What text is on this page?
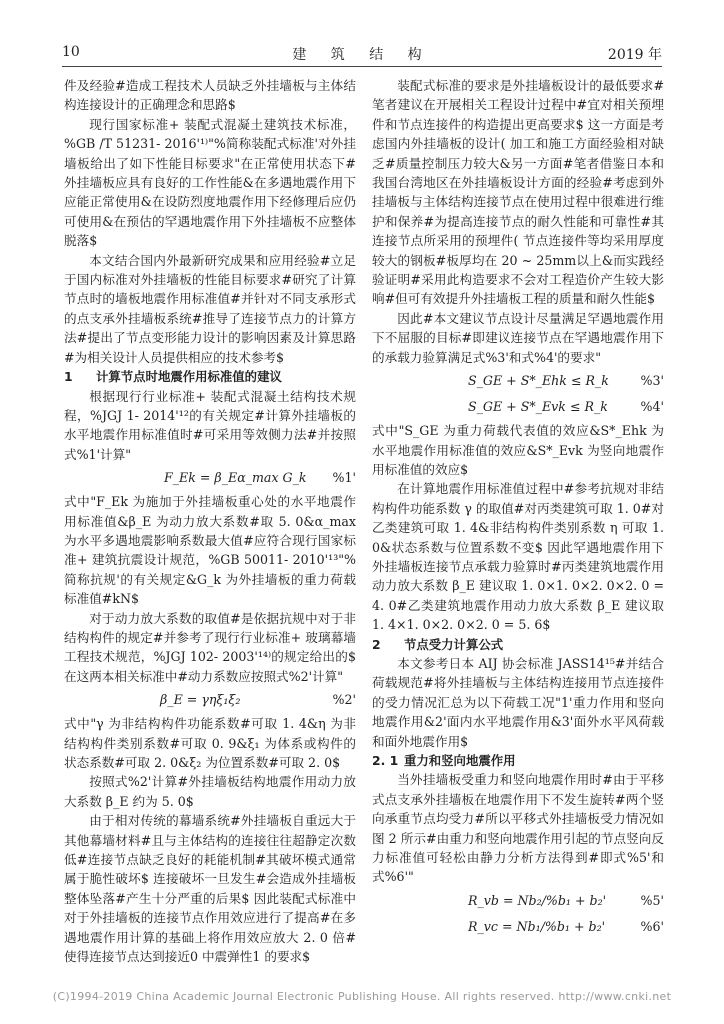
10	建 筑 结 构	2019 年

件及经验#造成工程技术人员缺乏外挂墙板与主体结构连接设计的正确理念和思路$

现行国家标准+ 装配式混凝土建筑技术标准，%GB /T 51231- 2016'¹⁾"%简称装配式标准'对外挂墙板给出了如下性能目标要求"在正常使用状态下#外挂墙板应具有良好的工作性能&在多遇地震作用下应能正常使用&在设防烈度地震作用下经修理后应仍可使用&在预估的罕遇地震作用下外挂墙板不应整体脱落$

本文结合国内外最新研究成果和应用经验#立足于国内标准对外挂墙板的性能目标要求#研究了计算节点时的墙板地震作用标准值#并针对不同支承形式的点支承外挂墙板系统#推导了连接节点力的计算方法#提出了节点变形能力设计的影响因素及计算思路#为相关设计人员提供相应的技术参考$

1 计算节点时地震作用标准值的建议

根据现行行业标准+ 装配式混凝土结构技术规程，%JGJ 1- 2014'¹²的有关规定#计算外挂墙板的水平地震作用标准值时#可采用等效侧力法#并按照式%1'计算"

F_Ek = β_Eα_max G_k %1'

式中"F_Ek 为施加于外挂墙板重心处的水平地震作用标准值&β_E 为动力放大系数#取 5. 0&α_max 为水平多遇地震影响系数最大值#应符合现行国家标准+ 建筑抗震设计规范，%GB 50011- 2010'¹³"%简称抗规'的有关规定&G_k 为外挂墙板的重力荷载标准值#kN$

对于动力放大系数的取值#是依据抗规中对于非结构构件的规定#并参考了现行行业标准+ 玻璃幕墙工程技术规范，%JGJ 102- 2003'¹⁴⁾的规定给出的$ 在这两本相关标准中#动力系数应按照式%2'计算"

β_E = γηξ₁ξ₂	%2'

式中"γ 为非结构构件功能系数#可取 1. 4&η 为非结构构件类别系数#可取 0. 9&ξ₁ 为体系或构件的状态系数#可取 2. 0&ξ₂ 为位置系数#可取 2. 0$

按照式%2'计算#外挂墙板结构地震作用动力放大系数 β_E 约为 5. 0$

由于相对传统的幕墙系统#外挂墙板自重远大于其他幕墙材料#且与主体结构的连接往往超静定次数低#连接节点缺乏良好的耗能机制#其破坏模式通常属于脆性破坏$ 连接破坏一旦发生#会造成外挂墙板整体坠落#产生十分严重的后果$ 因此装配式标准中对于外挂墙板的连接节点作用效应进行了提高#在多遇地震作用计算的基础上将作用效应放大 2. 0 倍#使得连接节点达到接近0 中震弹性1 的要求$

装配式标准的要求是外挂墙板设计的最低要求#笔者建议在开展相关工程设计过程中#宜对相关预埋件和节点连接件的构造提出更高要求$ 这一方面是考虑国内外挂墙板的设计( 加工和施工方面经验相对缺乏#质量控制压力较大&另一方面#笔者借鉴日本和我国台湾地区在外挂墙板设计方面的经验#考虑到外挂墙板与主体结构连接节点在使用过程中很难进行维护和保养#为提高连接节点的耐久性能和可靠性#其连接节点所采用的预埋件( 节点连接件等均采用厚度较大的钢板#板厚均在 20 ~ 25mm以上&而实践经验证明#采用此构造要求不会对工程造价产生较大影响#但可有效提升外挂墙板工程的质量和耐久性能$

因此#本文建议节点设计尽量满足罕遇地震作用下不屈服的目标#即建议连接节点在罕遇地震作用下的承载力验算满足式%3'和式%4'的要求"

S_GE + S*_Ehk ≤ R_k	%3'
S_GE + S*_Evk ≤ R_k	%4'

式中"S_GE 为重力荷载代表值的效应&S*_Ehk 为水平地震作用标准值的效应&S*_Evk 为竖向地震作用标准值的效应$

在计算地震作用标准值过程中#参考抗规对非结构构件功能系数 γ 的取值#对丙类建筑可取 1. 0#对乙类建筑可取 1. 4&非结构构件类别系数 η 可取 1. 0&状态系数与位置系数不变$ 因此罕遇地震作用下外挂墙板连接节点承载力验算时#丙类建筑地震作用动力放大系数 β_E 建议取 1. 0×1. 0×2. 0×2. 0 = 4. 0#乙类建筑地震作用动力放大系数 β_E 建议取 1. 4×1. 0×2. 0×2. 0 = 5. 6$

2 节点受力计算公式

本文参考日本 AIJ 协会标准 JASS14¹⁵#并结合荷载规范#将外挂墙板与主体结构连接用节点连接件的受力情况汇总为以下荷载工况"1'重力作用和竖向地震作用&2'面内水平地震作用&3'面外水平风荷载和面外地震作用$

2. 1 重力和竖向地震作用

当外挂墙板受重力和竖向地震作用时#由于平移式点支承外挂墙板在地震作用下不发生旋转#两个竖向承重节点均受力#所以平移式外挂墙板受力情况如图 2 所示#由重力和竖向地震作用引起的节点竖向反力标准值可轻松由静力分析方法得到#即式%5'和式%6'"

R_vb = Nb₂/%b₁ + b₂'	%5'
R_vc = Nb₁/%b₁ + b₂'	%6'
(C)1994-2019 China Academic Journal Electronic Publishing House. All rights reserved. http://www.cnki.net
